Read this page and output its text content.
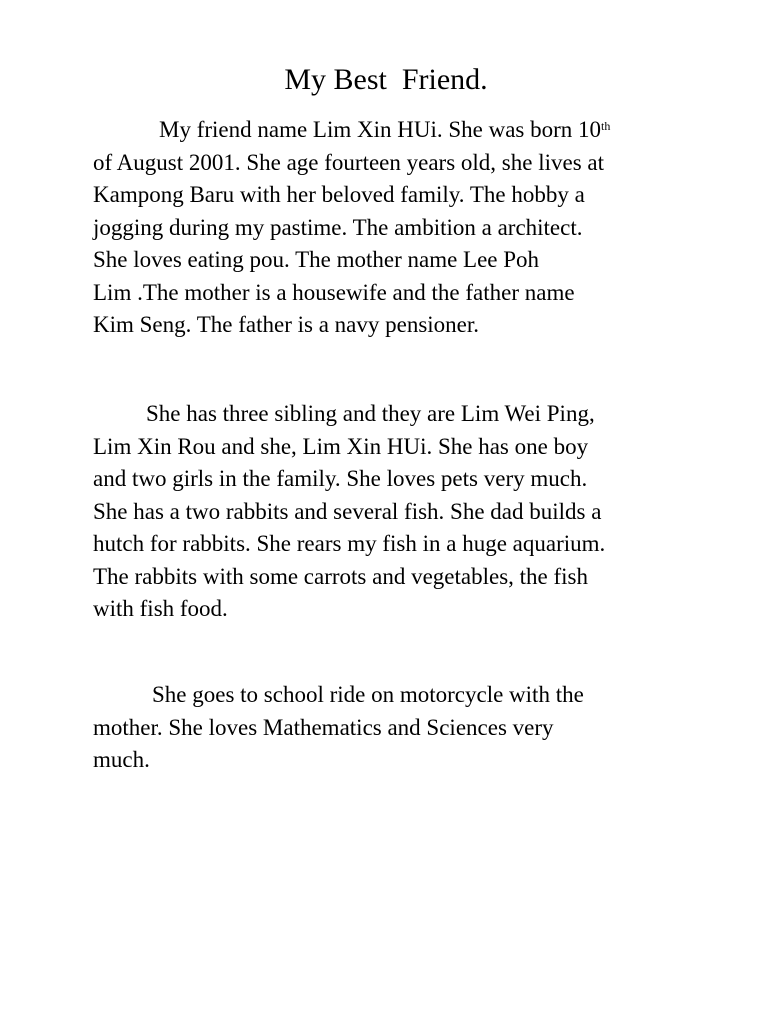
My Best  Friend.
My friend name Lim Xin HUi. She was born 10th
of August 2001. She age fourteen years old, she lives at
Kampong Baru with her beloved family. The hobby a
jogging during my pastime. The ambition a architect.
She loves eating pou. The mother name Lee Poh
Lim .The mother is a housewife and the father name
Kim Seng. The father is a navy pensioner.
She has three sibling and they are Lim Wei Ping,
Lim Xin Rou and she, Lim Xin HUi. She has one boy
and two girls in the family. She loves pets very much.
She has a two rabbits and several fish. She dad builds a
hutch for rabbits. She rears my fish in a huge aquarium.
The rabbits with some carrots and vegetables, the fish
with fish food.
She goes to school ride on motorcycle with the
mother. She loves Mathematics and Sciences very
much.
